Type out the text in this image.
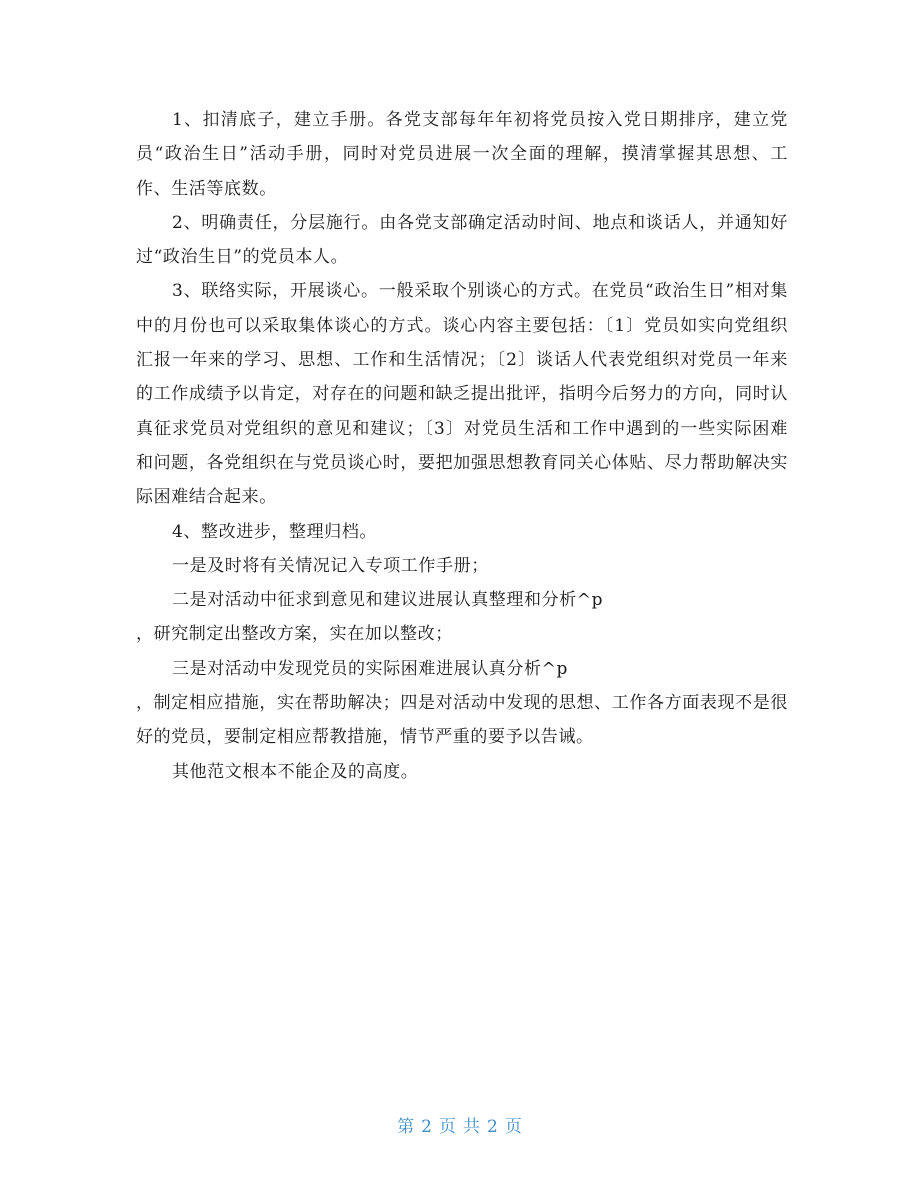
1、扣清底子，建立手册。各党支部每年年初将党员按入党日期排序，建立党员“政治生日”活动手册，同时对党员进展一次全面的理解，摸清掌握其思想、工作、生活等底数。

2、明确责任，分层施行。由各党支部确定活动时间、地点和谈话人，并通知好过“政治生日”的党员本人。

3、联络实际，开展谈心。一般采取个别谈心的方式。在党员“政治生日”相对集中的月份也可以采取集体谈心的方式。谈心内容主要包括：〔1〕党员如实向党组织汇报一年来的学习、思想、工作和生活情况；〔2〕谈话人代表党组织对党员一年来的工作成绩予以肯定，对存在的问题和缺乏提出批评，指明今后努力的方向，同时认真征求党员对党组织的意见和建议；〔3〕对党员生活和工作中遇到的一些实际困难和问题，各党组织在与党员谈心时，要把加强思想教育同关心体贴、尽力帮助解决实际困难结合起来。

4、整改进步，整理归档。

一是及时将有关情况记入专项工作手册；

二是对活动中征求到意见和建议进展认真整理和分析^p

，研究制定出整改方案，实在加以整改；

三是对活动中发现党员的实际困难进展认真分析^p

，制定相应措施，实在帮助解决；四是对活动中发现的思想、工作各方面表现不是很好的党员，要制定相应帮教措施，情节严重的要予以告诫。

其他范文根本不能企及的高度。

第 2 页 共 2 页
